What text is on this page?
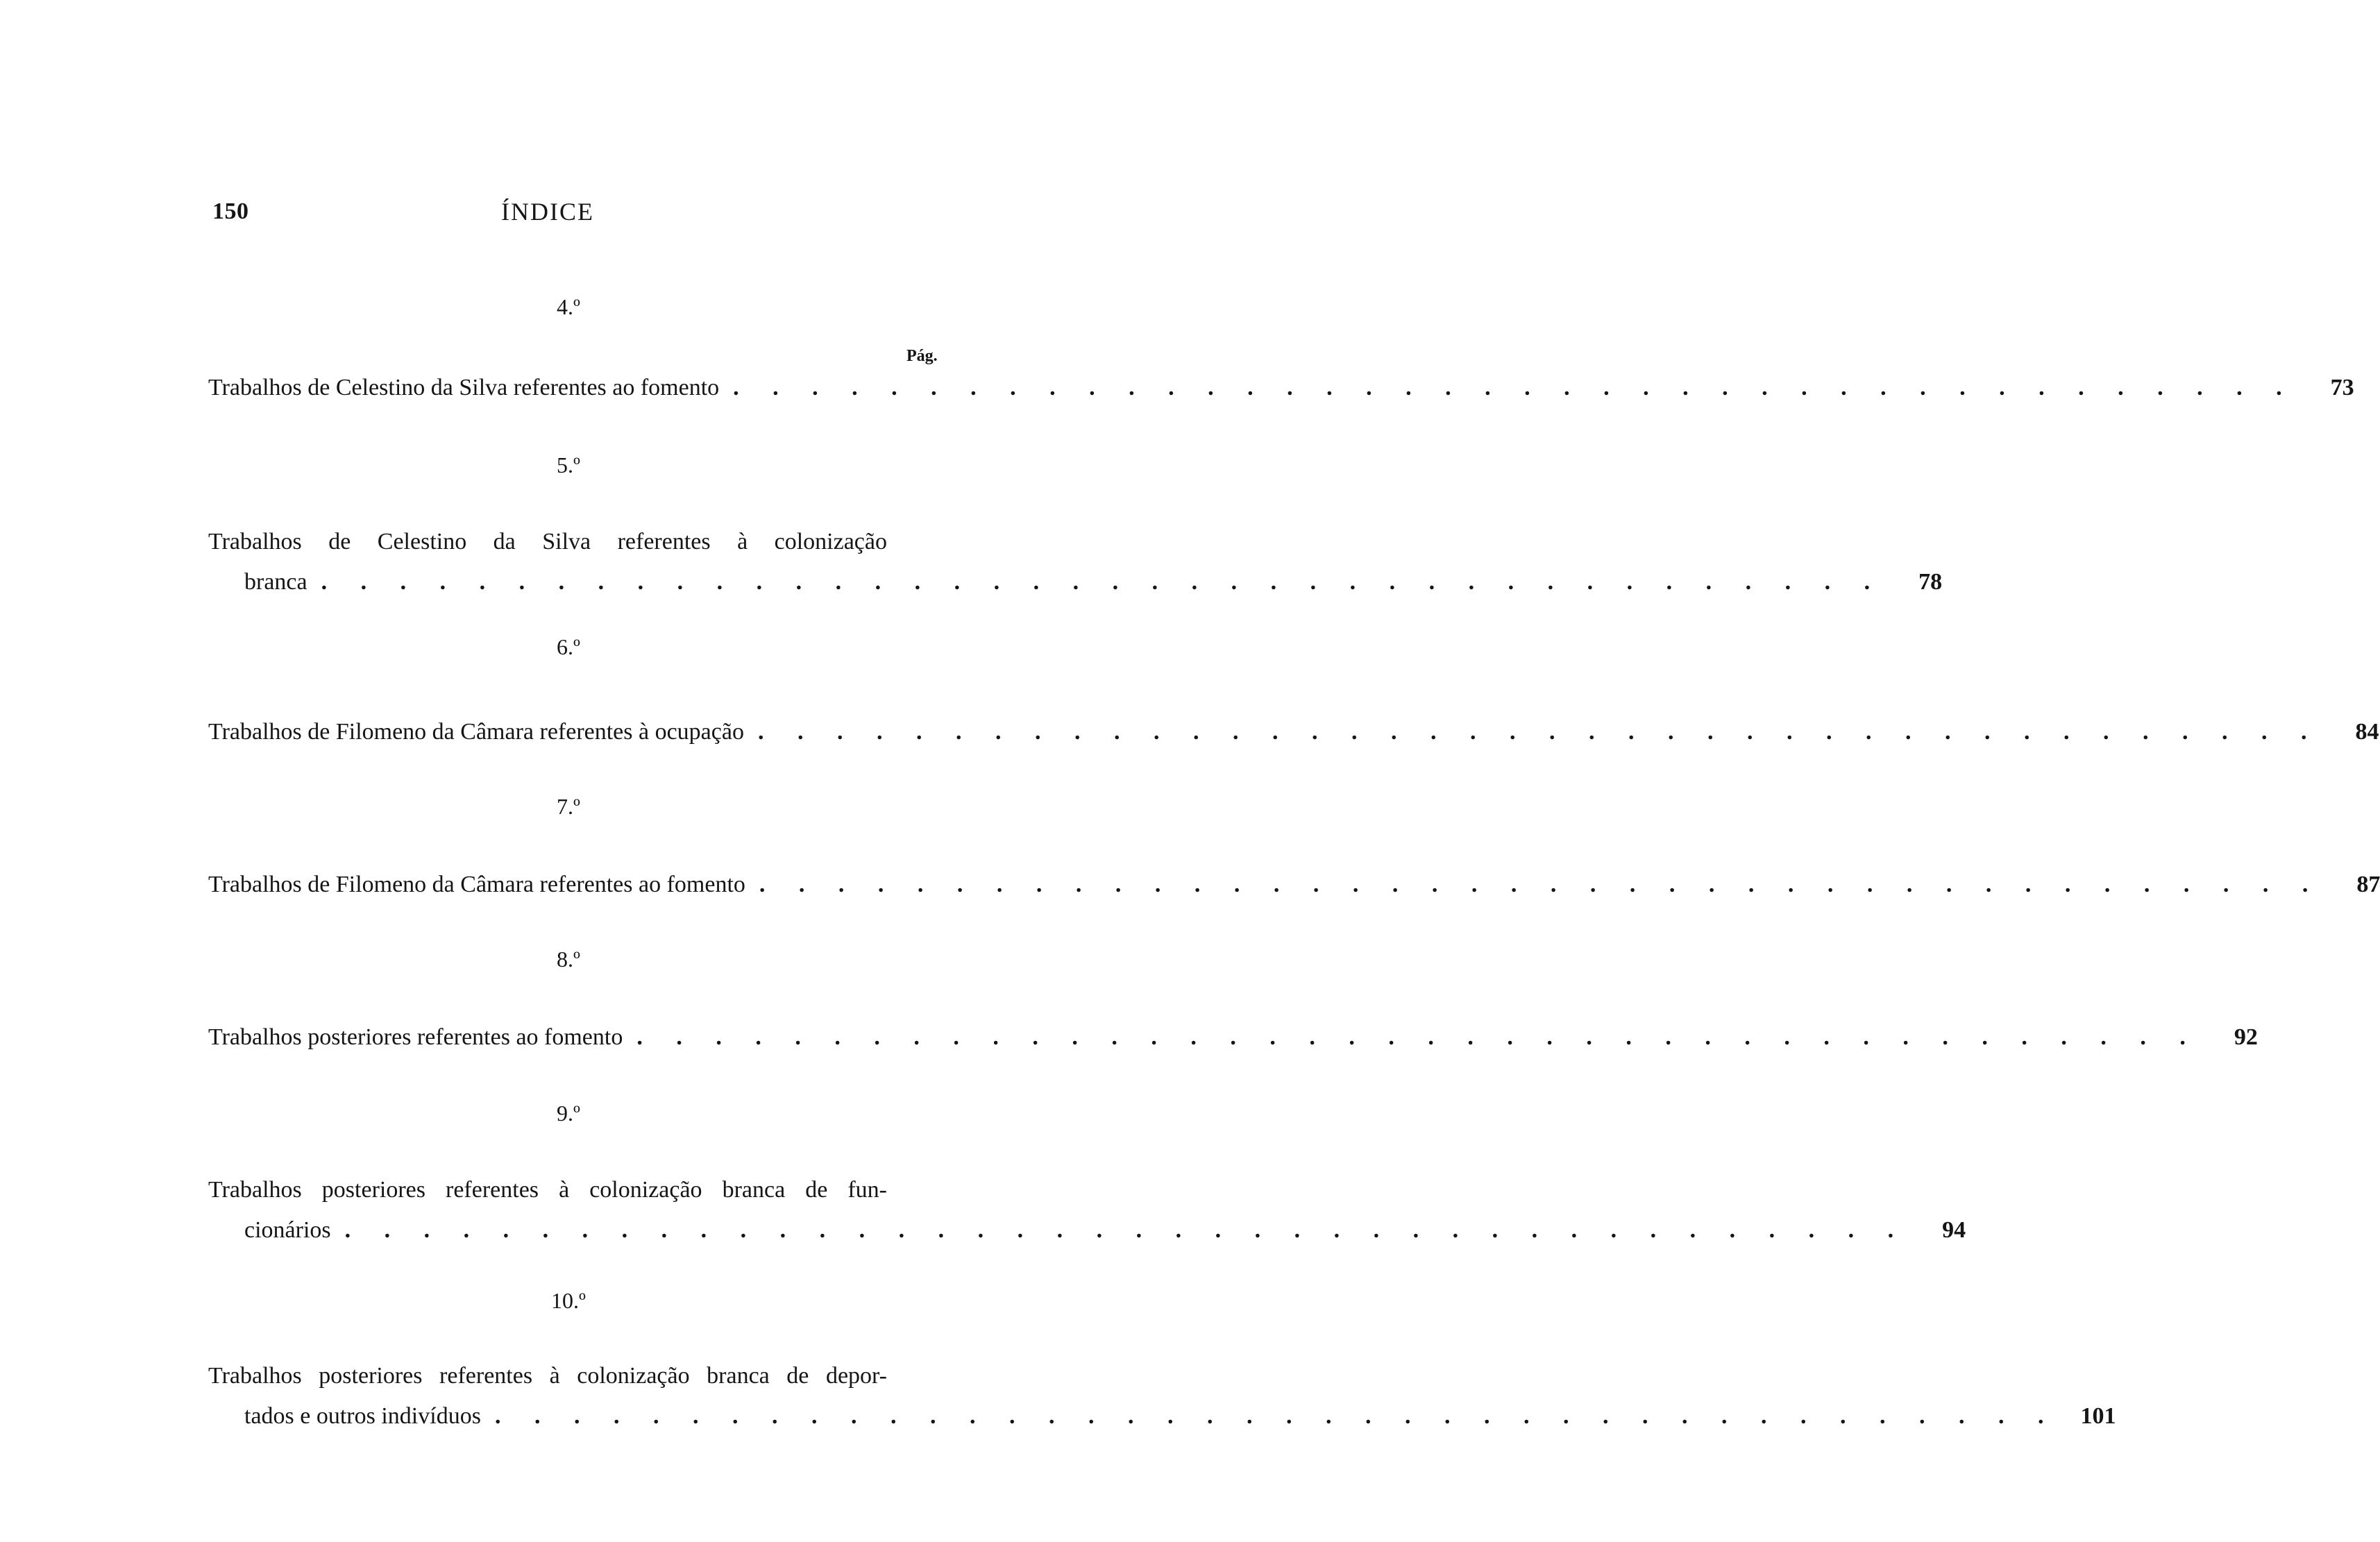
150	ÍNDICE
4.º
Pág.
Trabalhos de Celestino da Silva referentes ao fomento . . . . . . . . . . . . . . . . . . . . . . . . . . . . . . . . . . . . . . . .	73
5.º
Trabalhos de Celestino da Silva referentes à colonização
branca . . . . . . . . . . . . . . . . . . . . . . . . . . . . . . . . . . . . . . . .	78
6.º
Trabalhos de Filomeno da Câmara referentes à ocupação . . . . . . . . . . . . . . . . . . . . . . . . . . . . . . . . . . . . . . . .	84
7.º
Trabalhos de Filomeno da Câmara referentes ao fomento . . . . . . . . . . . . . . . . . . . . . . . . . . . . . . . . . . . . . . . .	87
8.º
Trabalhos posteriores referentes ao fomento . . . . . . . . . . . . . . . . . . . . . . . . . . . . . . . . . . . . . . . .	92
9.º
Trabalhos posteriores referentes à colonização branca de fun-
cionários . . . . . . . . . . . . . . . . . . . . . . . . . . . . . . . . . . . . . . . .	94
10.º
Trabalhos posteriores referentes à colonização branca de depor-
tados e outros indivíduos . . . . . . . . . . . . . . . . . . . . . . . . . . . . . . . . . . . . . . . . 101
